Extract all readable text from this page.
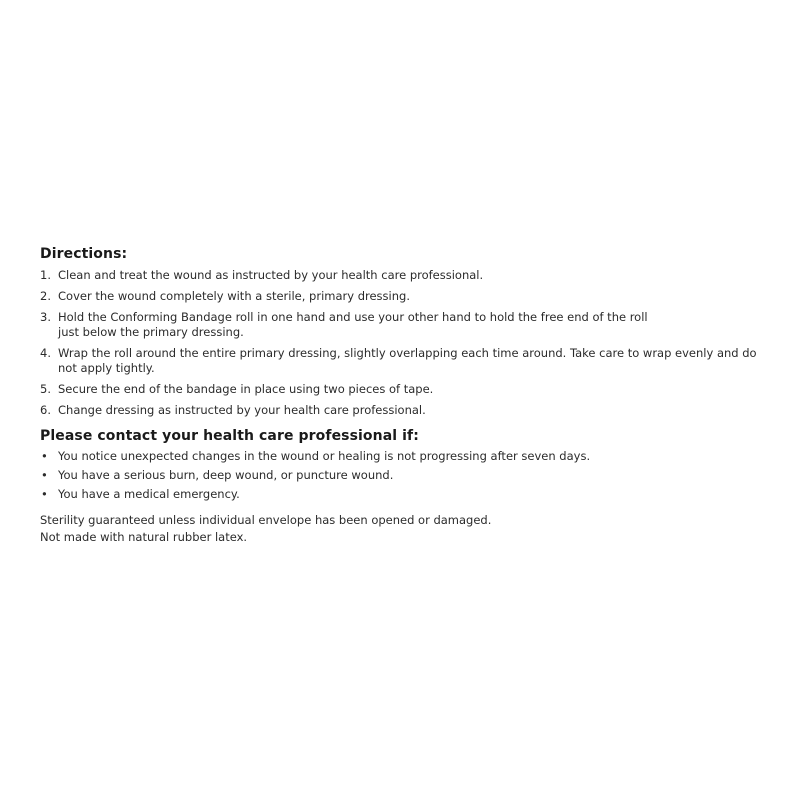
Directions:
1. Clean and treat the wound as instructed by your health care professional.
2. Cover the wound completely with a sterile, primary dressing.
3. Hold the Conforming Bandage roll in one hand and use your other hand to hold the free end of the roll just below the primary dressing.
4. Wrap the roll around the entire primary dressing, slightly overlapping each time around. Take care to wrap evenly and do not apply tightly.
5. Secure the end of the bandage in place using two pieces of tape.
6. Change dressing as instructed by your health care professional.
Please contact your health care professional if:
• You notice unexpected changes in the wound or healing is not progressing after seven days.
• You have a serious burn, deep wound, or puncture wound.
• You have a medical emergency.

Sterility guaranteed unless individual envelope has been opened or damaged.

Not made with natural rubber latex.
